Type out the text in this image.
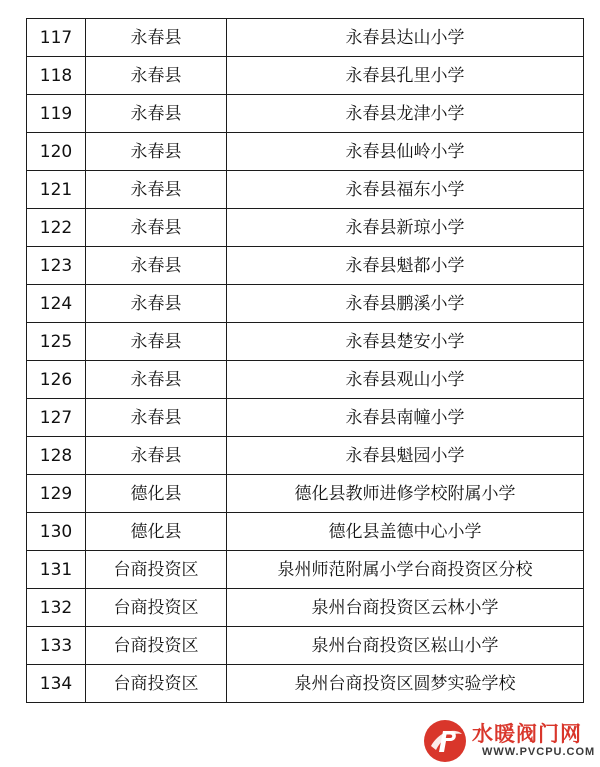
117	永春县	永春县达山小学
118	永春县	永春县孔里小学
119	永春县	永春县龙津小学
120	永春县	永春县仙岭小学
121	永春县	永春县福东小学
122	永春县	永春县新琼小学
123	永春县	永春县魁都小学
124	永春县	永春县鹏溪小学
125	永春县	永春县楚安小学
126	永春县	永春县观山小学
127	永春县	永春县南幢小学
128	永春县	永春县魁园小学
129	德化县	德化县教师进修学校附属小学
130	德化县	德化县盖德中心小学
131	台商投资区	泉州师范附属小学台商投资区分校
132	台商投资区	泉州台商投资区云林小学
133	台商投资区	泉州台商投资区崧山小学
134	台商投资区	泉州台商投资区圆梦实验学校
水暖阀门网
WWW.PVCPU.COM
